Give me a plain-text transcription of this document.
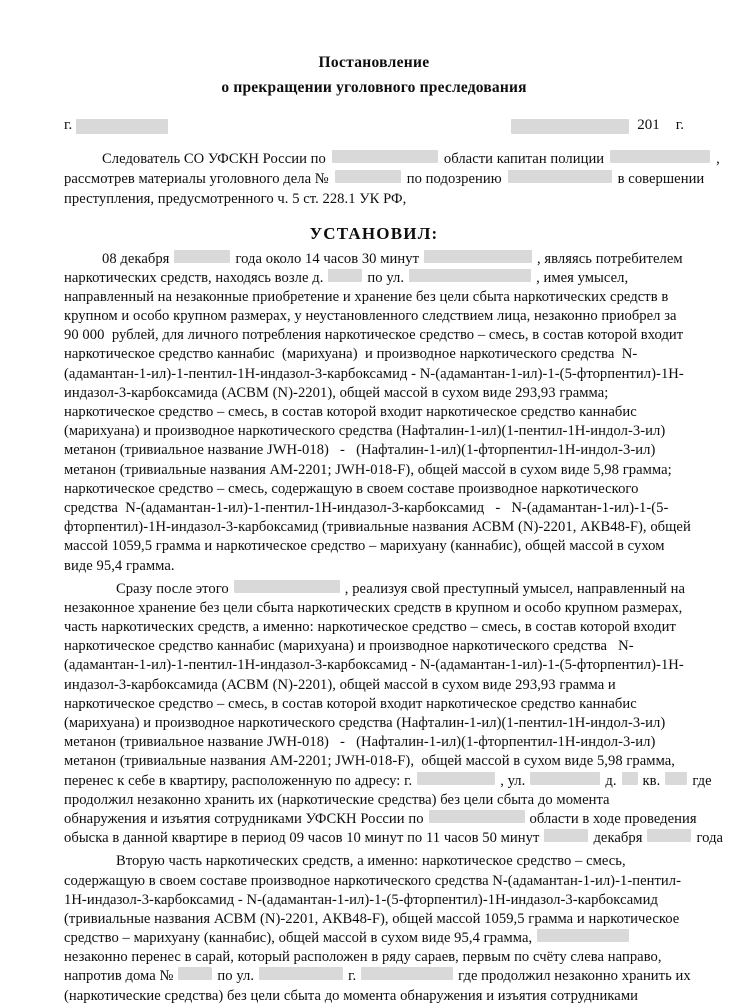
Постановление
о прекращении уголовного преследования
г.	201 г.
Следователь СО УФСКН России по	области капитан полиции	,
рассмотрев материалы уголовного дела №	по подозрению	в совершении
преступления, предусмотренного ч. 5 ст. 228.1 УК РФ,
УСТАНОВИЛ:
08 декабря	года около 14 часов 30 минут	, являясь потребителем
наркотических средств, находясь возле д.	по ул.	, имея умысел,
направленный на незаконные приобретение и хранение без цели сбыта наркотических средств в
крупном и особо крупном размерах, у неустановленного следствием лица, незаконно приобрел за
90 000  рублей, для личного потребления наркотическое средство – смесь, в состав которой входит
наркотическое средство каннабис  (марихуана)  и производное наркотического средства  N-
(адамантан-1-ил)-1-пентил-1Н-индазол-3-карбоксамид - N-(адамантан-1-ил)-1-(5-фторпентил)-1Н-
индазол-3-карбоксамида (АСВМ (N)-2201), общей массой в сухом виде 293,93 грамма;
наркотическое средство – смесь, в состав которой входит наркотическое средство каннабис
(марихуана) и производное наркотического средства (Нафталин-1-ил)(1-пентил-1Н-индол-3-ил)
метанон (тривиальное название JWH-018)   -   (Нафталин-1-ил)(1-фторпентил-1Н-индол-3-ил)
метанон (тривиальные названия АМ-2201; JWH-018-F), общей массой в сухом виде 5,98 грамма;
наркотическое средство – смесь, содержащую в своем составе производное наркотического
средства  N-(адамантан-1-ил)-1-пентил-1Н-индазол-3-карбоксамид   -   N-(адамантан-1-ил)-1-(5-
фторпентил)-1Н-индазол-3-карбоксамид (тривиальные названия АСВМ (N)-2201, АКВ48-F), общей
массой 1059,5 грамма и наркотическое средство – марихуану (каннабис), общей массой в сухом
виде 95,4 грамма.
Сразу после этого	, реализуя свой преступный умысел, направленный на
незаконное хранение без цели сбыта наркотических средств в крупном и особо крупном размерах,
часть наркотических средств, а именно: наркотическое средство – смесь, в состав которой входит
наркотическое средство каннабис (марихуана) и производное наркотического средства   N-
(адамантан-1-ил)-1-пентил-1Н-индазол-3-карбоксамид - N-(адамантан-1-ил)-1-(5-фторпентил)-1Н-
индазол-3-карбоксамида (АСВМ (N)-2201), общей массой в сухом виде 293,93 грамма и
наркотическое средство – смесь, в состав которой входит наркотическое средство каннабис
(марихуана) и производное наркотического средства (Нафталин-1-ил)(1-пентил-1Н-индол-3-ил)
метанон (тривиальное название JWH-018)   -   (Нафталин-1-ил)(1-фторпентил-1Н-индол-3-ил)
метанон (тривиальные названия АМ-2201; JWH-018-F),  общей массой в сухом виде 5,98 грамма,
перенес к себе в квартиру, расположенную по адресу: г.	, ул.	д. кв. где
продолжил незаконно хранить их (наркотические средства) без цели сбыта до момента
обнаружения и изъятия сотрудниками УФСКН России по	области в ходе проведения
обыска в данной квартире в период 09 часов 10 минут по 11 часов 50 минут	декабря	года
Вторую часть наркотических средств, а именно: наркотическое средство – смесь,
содержащую в своем составе производное наркотического средства N-(адамантан-1-ил)-1-пентил-
1Н-индазол-3-карбоксамид - N-(адамантан-1-ил)-1-(5-фторпентил)-1Н-индазол-3-карбоксамид
(тривиальные названия АСВМ (N)-2201, АКВ48-F), общей массой 1059,5 грамма и наркотическое
средство – марихуану (каннабис), общей массой в сухом виде 95,4 грамма,
незаконно перенес в сарай, который расположен в ряду сараев, первым по счёту слева направо,
напротив дома №	по ул.	г.	где продолжил незаконно хранить их
(наркотические средства) без цели сбыта до момента обнаружения и изъятия сотрудниками
